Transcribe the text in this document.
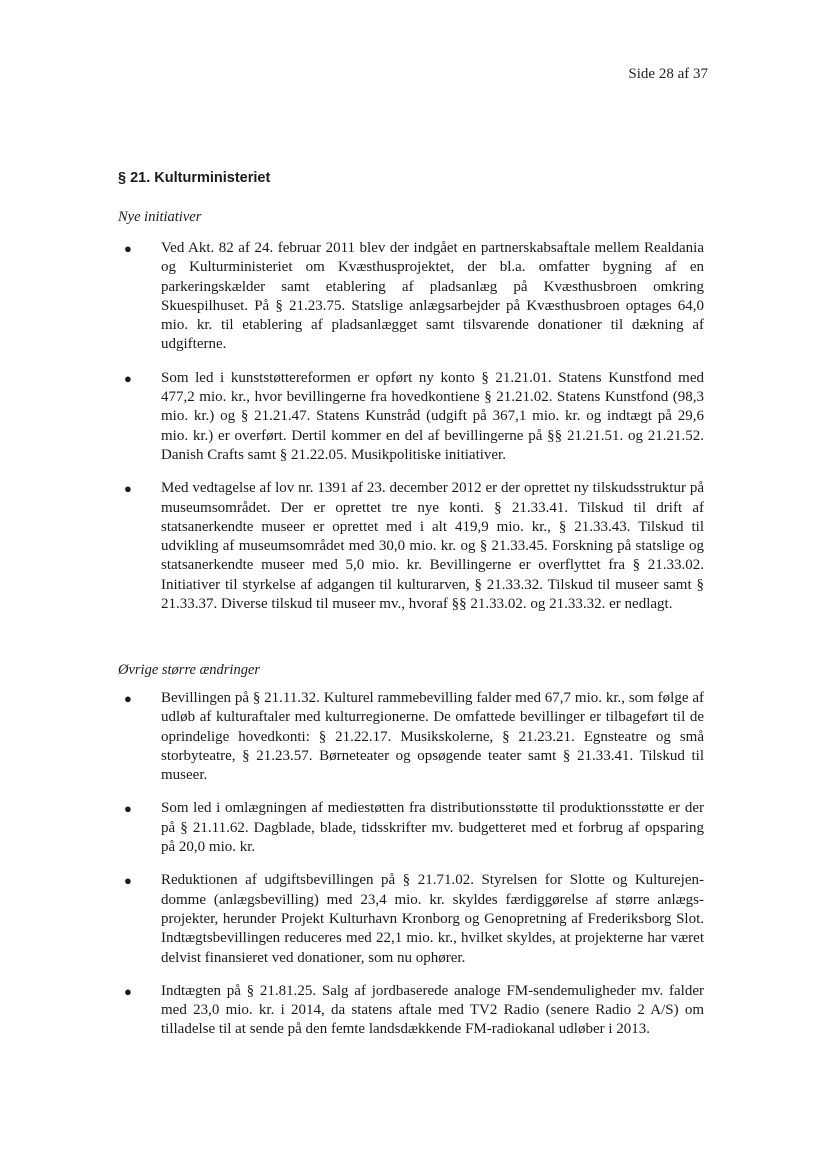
Side 28 af 37
§ 21. Kulturministeriet
Nye initiativer
● Ved Akt. 82 af 24. februar 2011 blev der indgået en partnerskabsaftale mellem Realdania og Kulturministeriet om Kvæsthusprojektet, der bl.a. omfatter bygning af en parkeringskælder samt etablering af pladsanlæg på Kvæsthusbroen omkring Skuespilhuset. På § 21.23.75. Statslige anlægsarbejder på Kvæsthusbroen optages 64,0 mio. kr. til etablering af pladsanlægget samt tilsvarende donationer til dækning af udgifterne.
● Som led i kunststøttereformen er opført ny konto § 21.21.01. Statens Kunstfond med 477,2 mio. kr., hvor bevillingerne fra hovedkontiene § 21.21.02. Statens Kunstfond (98,3 mio. kr.) og § 21.21.47. Statens Kunstråd (udgift på 367,1 mio. kr. og indtægt på 29,6 mio. kr.) er overført. Dertil kommer en del af bevillingerne på §§ 21.21.51. og 21.21.52. Danish Crafts samt § 21.22.05. Musikpolitiske initiativer.
● Med vedtagelse af lov nr. 1391 af 23. december 2012 er der oprettet ny tilskudsstruktur på museumsområdet. Der er oprettet tre nye konti. § 21.33.41. Tilskud til drift af statsanerkendte museer er oprettet med i alt 419,9 mio. kr., § 21.33.43. Tilskud til udvikling af museumsområdet med 30,0 mio. kr. og § 21.33.45. Forskning på statslige og statsanerkendte museer med 5,0 mio. kr. Bevillingerne er overflyttet fra § 21.33.02. Initiativer til styrkelse af adgangen til kulturarven, § 21.33.32. Tilskud til museer samt § 21.33.37. Diverse tilskud til museer mv., hvoraf §§ 21.33.02. og 21.33.32. er nedlagt.
Øvrige større ændringer
● Bevillingen på § 21.11.32. Kulturel rammebevilling falder med 67,7 mio. kr., som følge af udløb af kulturaftaler med kulturregionerne. De omfattede bevillinger er tilbageført til de oprindelige hovedkonti: § 21.22.17. Musikskolerne, § 21.23.21. Egnsteatre og små storbyteatre, § 21.23.57. Børneteater og opsøgende teater samt § 21.33.41. Tilskud til museer.
● Som led i omlægningen af mediestøtten fra distributionsstøtte til produktionsstøtte er der på § 21.11.62. Dagblade, blade, tidsskrifter mv. budgetteret med et forbrug af opsparing på 20,0 mio. kr.
● Reduktionen af udgiftsbevillingen på § 21.71.02. Styrelsen for Slotte og Kulturejendomme (anlægsbevilling) med 23,4 mio. kr. skyldes færdiggørelse af større anlægsprojekter, herunder Projekt Kulturhavn Kronborg og Genopretning af Frederiksborg Slot. Indtægtsbevillingen reduceres med 22,1 mio. kr., hvilket skyldes, at projekterne har været delvist finansieret ved donationer, som nu ophører.
● Indtægten på § 21.81.25. Salg af jordbaserede analoge FM-sendemuligheder mv. falder med 23,0 mio. kr. i 2014, da statens aftale med TV2 Radio (senere Radio 2 A/S) om tilladelse til at sende på den femte landsdækkende FM-radiokanal udløber i 2013.
